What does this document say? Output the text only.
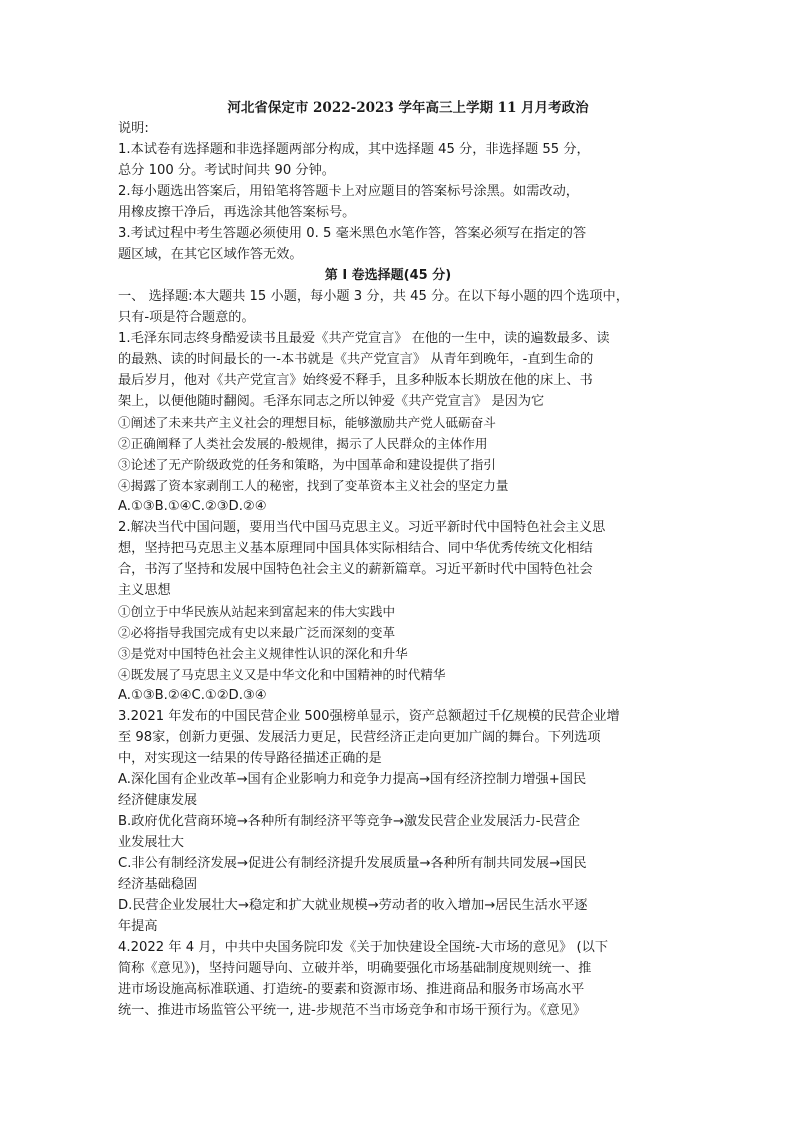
河北省保定市 2022-2023 学年高三上学期 11 月月考政治
说明:
1.本试卷有选择题和非选择题两部分构成，其中选择题 45 分，非选择题 55 分，
总分 100 分。考试时间共 90 分钟。
2.每小题选出答案后，用铅笔将答题卡上对应题目的答案标号涂黑。如需改动，
用橡皮擦干净后，再选涂其他答案标号。
3.考试过程中考生答题必须使用 0. 5 毫米黑色水笔作答，答案必须写在指定的答
题区域，在其它区域作答无效。
第 I 卷选择题(45 分)
一、 选择题:本大题共 15 小题，每小题 3 分，共 45 分。在以下每小题的四个选项中，
只有-项是符合题意的。
1.毛泽东同志终身酷爱读书且最爱《共产党宣言》 在他的一生中，读的遍数最多、读
的最熟、读的时间最长的一-本书就是《共产党宣言》 从青年到晚年，-直到生命的
最后岁月，他对《共产党宣言》始终爱不释手，且多种版本长期放在他的床上、书
架上，以便他随时翻阅。毛泽东同志之所以钟爱《共产党宣言》 是因为它
①阐述了未来共产主义社会的理想目标，能够激励共产党人砥砺奋斗
②正确阐释了人类社会发展的-般规律，揭示了人民群众的主体作用
③论述了无产阶级政党的任务和策略，为中国革命和建设提供了指引
④揭露了资本家剥削工人的秘密，找到了变革资本主义社会的坚定力量
A.①③B.①④C.②③D.②④
2.解决当代中国问题，要用当代中国马克思主义。习近平新时代中国特色社会主义思
想，坚持把马克思主义基本原理同中国具体实际相结合、同中华优秀传统文化相结
合，书泻了坚持和发展中国特色社会主义的薪新篇章。习近平新时代中国特色社会
主义思想
①创立于中华民族从站起来到富起来的伟大实践中
②必将指导我国完成有史以来最广泛而深刻的变革
③是党对中国特色社会主义规律性认识的深化和升华
④既发展了马克思主义又是中华文化和中国精神的时代精华
A.①③B.②④C.①②D.③④
3.2021 年发布的中国民营企业 500强榜单显示，资产总额超过千亿规模的民营企业增
至 98家，创新力更强、发展活力更足，民营经济正走向更加广阔的舞台。下列选项
中，对实现这一结果的传导路径描述正确的是
A.深化国有企业改革→国有企业影响力和竞争力提高→国有经济控制力增强+国民
经济健康发展
B.政府优化营商环境→各种所有制经济平等竞争→激发民营企业发展活力-民营企
业发展壮大
C.非公有制经济发展→促进公有制经济提升发展质量→各种所有制共同发展→国民
经济基础稳固
D.民营企业发展壮大→稳定和扩大就业规模→劳动者的收入增加→居民生活水平逐
年提高
4.2022 年 4 月，中共中央国务院印发《关于加快建设全国统-大市场的意见》 (以下
简称《意见》)，坚持问题导向、立破并举，明确要强化市场基础制度规则统一、推
进市场设施高标准联通、打造统-的要素和资源市场、推进商品和服务市场高水平
统一、推进市场监管公平统一, 进-步规范不当市场竞争和市场干预行为。《意见》
